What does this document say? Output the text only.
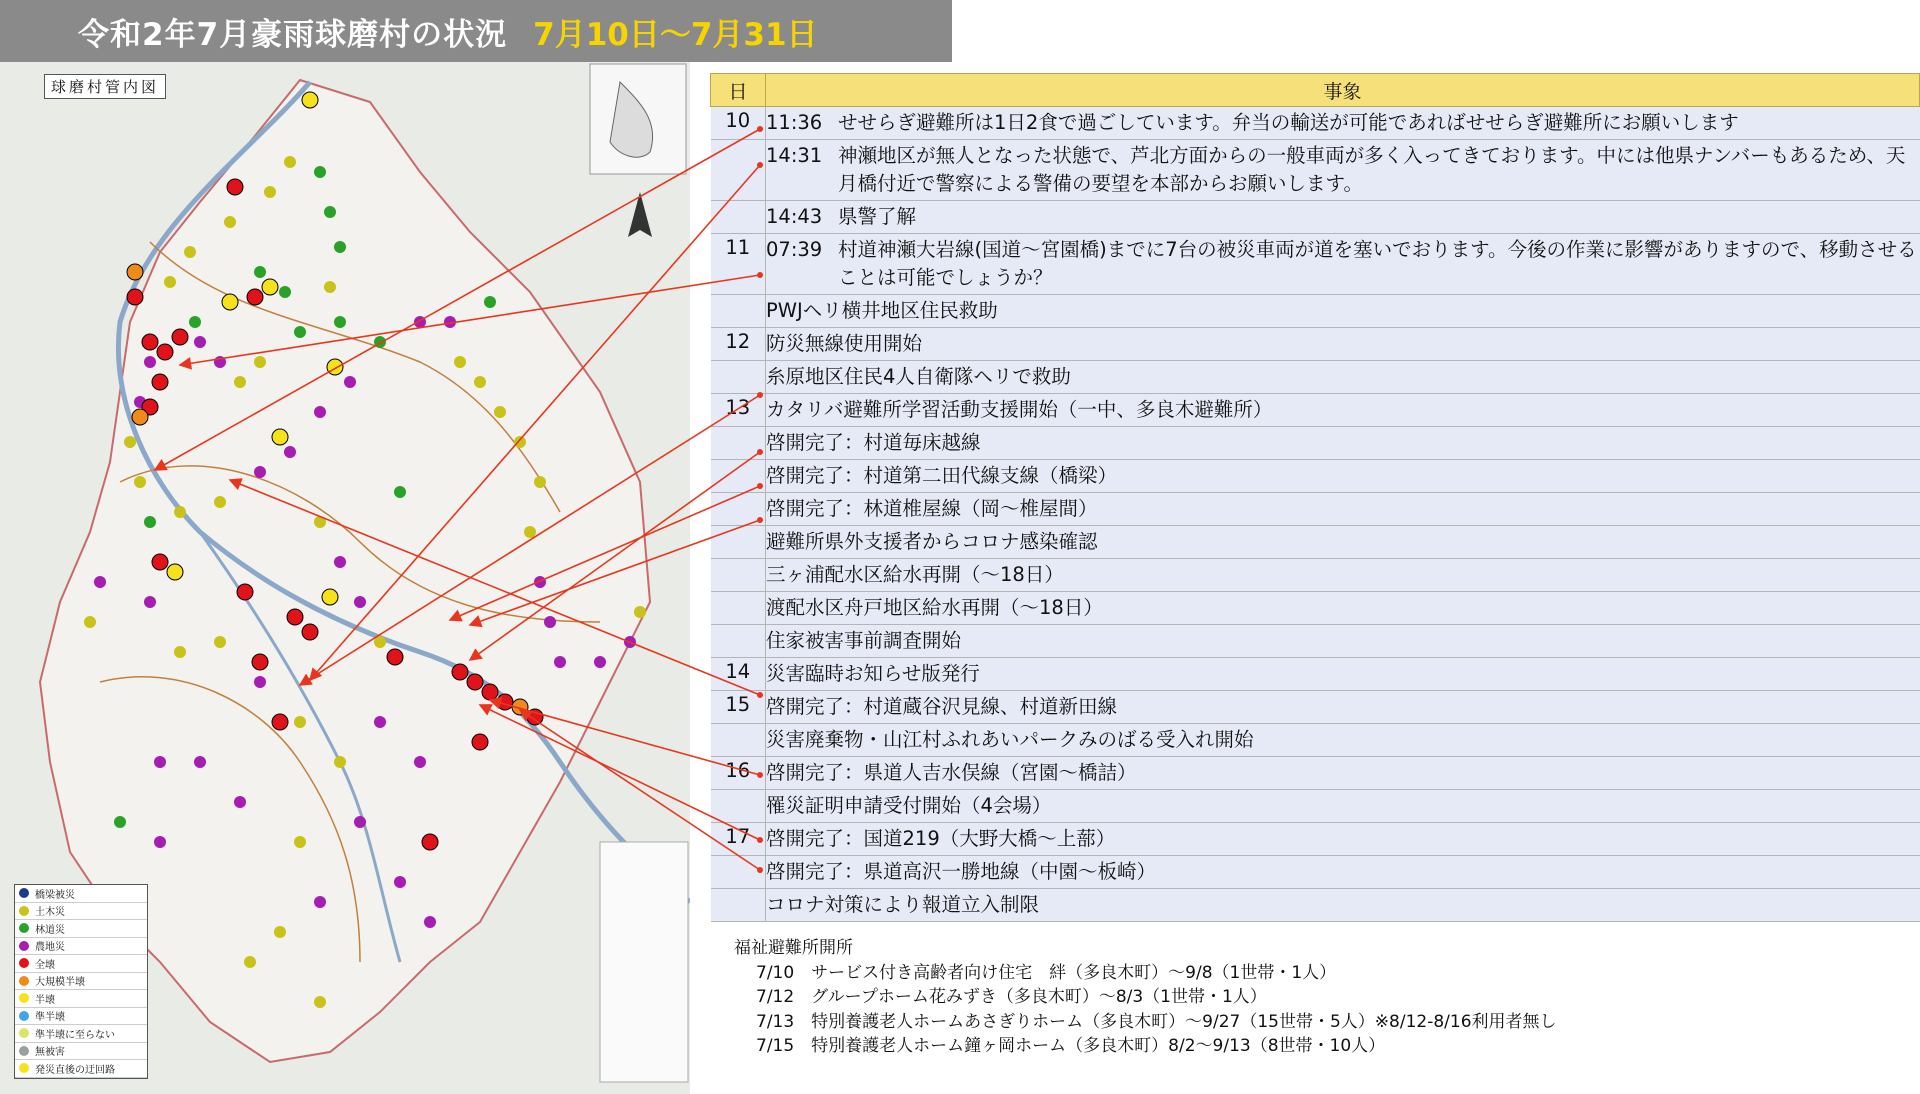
令和2年7月豪雨球磨村の状況 7月10日～7月31日
球磨村管内図
橋梁被災
土木災
林道災
農地災
全壊
大規模半壊
半壊
準半壊
準半壊に至らない
無被害
発災直後の迂回路
日	事象
10	11:36 せせらぎ避難所は1日2食で過ごしています。弁当の輸送が可能であればせせらぎ避難所にお願いします

	14:31 神瀬地区が無人となった状態で、芦北方面からの一般車両が多く入ってきております。中には他県ナンバーもあるため、天月橋付近で警察による警備の要望を本部からお願いします。

	14:43 県警了解

11	07:39 村道神瀬大岩線(国道～宮園橋)までに7台の被災車両が道を塞いでおります。今後の作業に影響がありますので、移動させることは可能でしょうか？

	PWJヘリ横井地区住民救助

12	防災無線使用開始

	糸原地区住民4人自衛隊ヘリで救助

13	カタリバ避難所学習活動支援開始（一中、多良木避難所）

	啓開完了：村道毎床越線

	啓開完了：村道第二田代線支線（橋梁）

	啓開完了：林道椎屋線（岡～椎屋間）

	避難所県外支援者からコロナ感染確認

	三ヶ浦配水区給水再開（～18日）

	渡配水区舟戸地区給水再開（～18日）

	住家被害事前調査開始

14	災害臨時お知らせ版発行

15	啓開完了：村道蔵谷沢見線、村道新田線

	災害廃棄物・山江村ふれあいパークみのばる受入れ開始

16	啓開完了：県道人吉水俣線（宮園～橋詰）

	罹災証明申請受付開始（4会場）

17	啓開完了：国道219（大野大橋～上蔀）

	啓開完了：県道高沢一勝地線（中園～板崎）

	コロナ対策により報道立入制限
福祉避難所開所
7/10　サービス付き高齢者向け住宅　絆（多良木町）～9/8（1世帯・1人）
7/12　グループホーム花みずき（多良木町）～8/3（1世帯・1人）
7/13　特別養護老人ホームあさぎりホーム（多良木町）～9/27（15世帯・5人）※8/12-8/16利用者無し
7/15　特別養護老人ホーム鐘ヶ岡ホーム（多良木町）8/2～9/13（8世帯・10人）
